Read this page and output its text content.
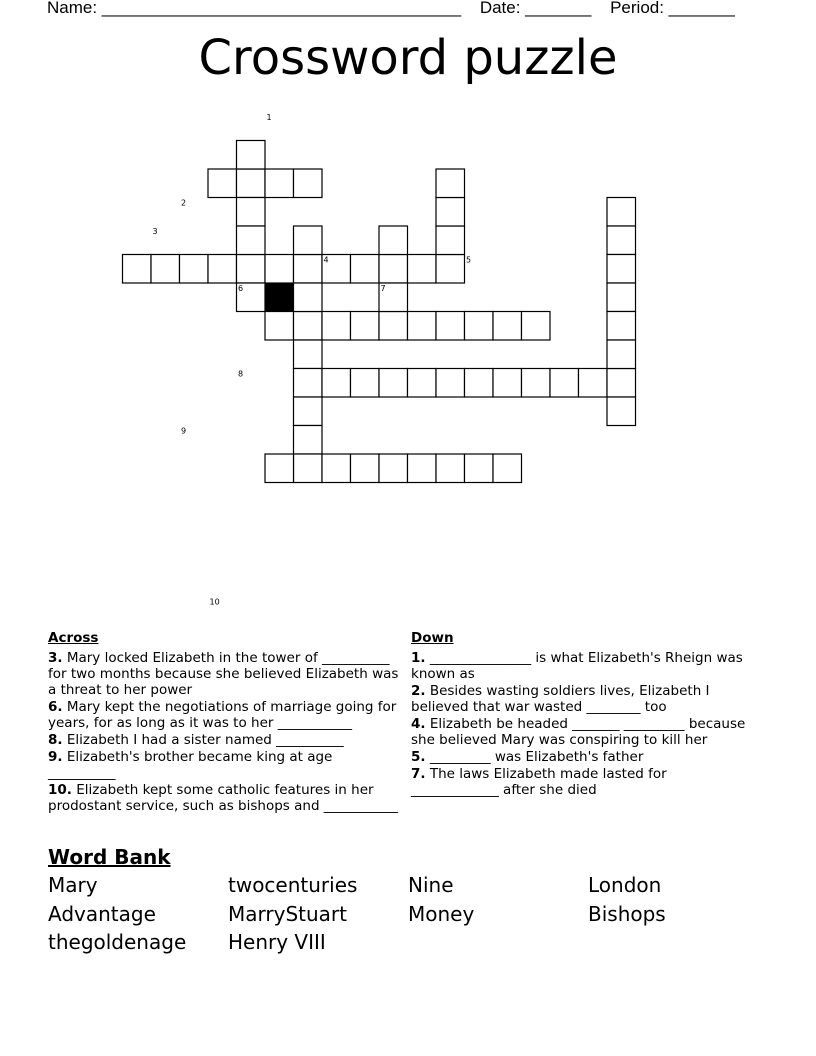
Name: ______________________________________ Date: _______ Period: _______
Crossword puzzle
1
2
3
4	5
6	7
8
9
10
Across
3. Mary locked Elizabeth in the tower of __________ for two months because she believed Elizabeth was a threat to her power
6. Mary kept the negotiations of marriage going for years, for as long as it was to her ___________
8. Elizabeth I had a sister named __________
9. Elizabeth's brother became king at age __________
10. Elizabeth kept some catholic features in her prodostant service, such as bishops and ___________
Down
1. _______________ is what Elizabeth's Rheign was known as
2. Besides wasting soldiers lives, Elizabeth I believed that war wasted ________ too
4. Elizabeth be headed _______ _________ because she believed Mary was conspiring to kill her
5. _________ was Elizabeth's father
7. The laws Elizabeth made lasted for _____________ after she died
Word Bank
Mary	twocenturies	Nine	London
Advantage	MarryStuart	Money	Bishops
thegoldenage Henry VIII
